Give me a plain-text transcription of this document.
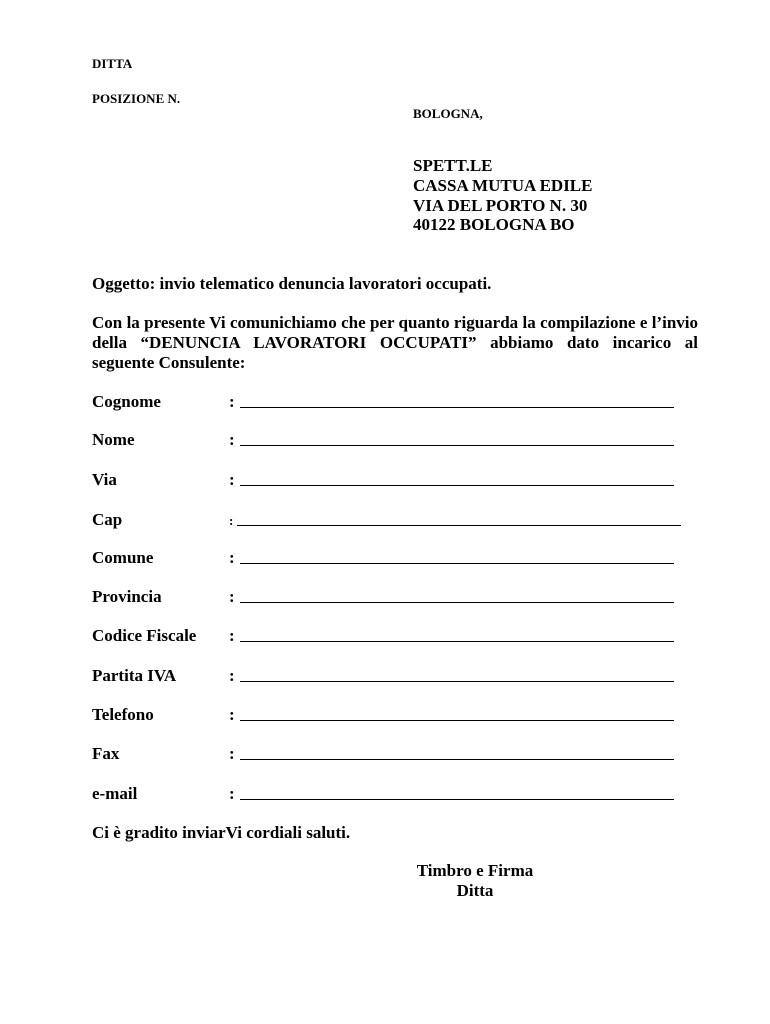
DITTA
POSIZIONE N.
BOLOGNA,
SPETT.LE
CASSA MUTUA EDILE
VIA DEL PORTO N. 30
40122 BOLOGNA BO
Oggetto: invio telematico denuncia lavoratori occupati.
Con la presente Vi comunichiamo che per quanto riguarda la compilazione e l’invio della “DENUNCIA LAVORATORI OCCUPATI” abbiamo dato incarico al seguente Consulente:
Cognome	:
Nome	:
Via	:
Cap	:
Comune	:
Provincia	:
Codice Fiscale :
Partita IVA	:
Telefono	:
Fax	:
e-mail	:
Ci è gradito inviarVi cordiali saluti.
Timbro e Firma
Ditta
